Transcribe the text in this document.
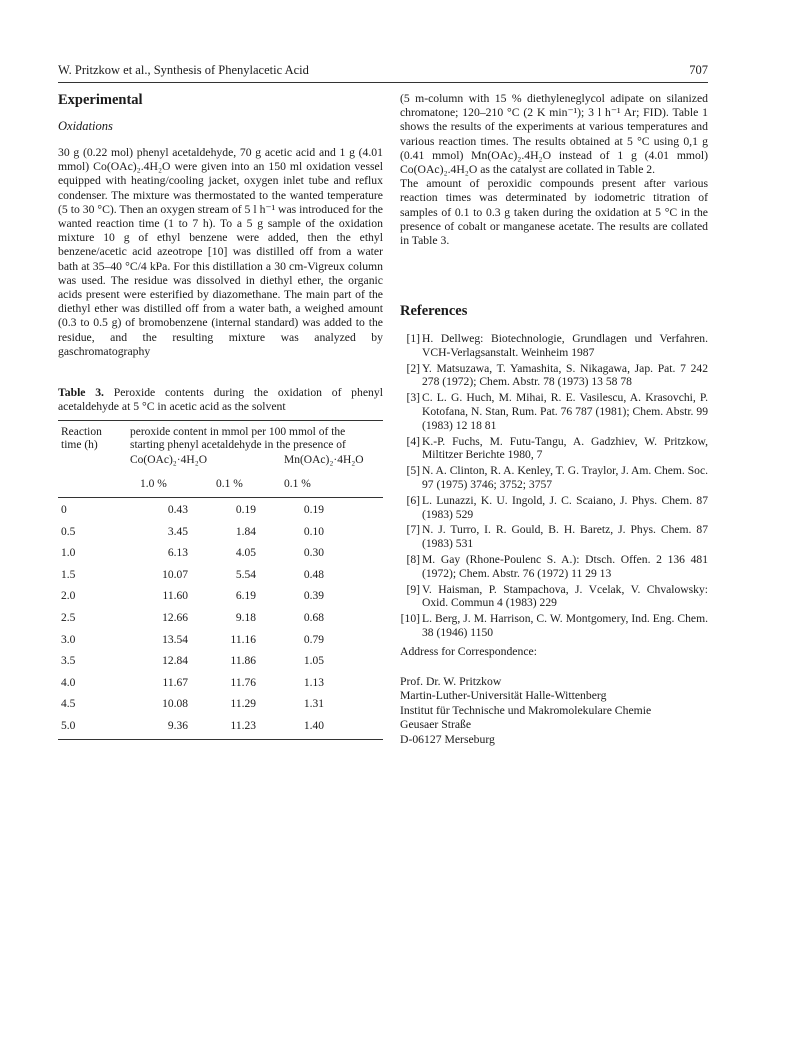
W. Pritzkow et al., Synthesis of Phenylacetic Acid	707
Experimental
Oxidations

30 g (0.22 mol) phenyl acetaldehyde, 70 g acetic acid and 1 g (4.01 mmol) Co(OAc)₂.4H₂O were given into an 150 ml oxidation vessel equipped with heating/cooling jacket, oxygen inlet tube and reflux condenser. The mixture was thermostated to the wanted temperature (5 to 30 °C). Then an oxygen stream of 5 l h⁻¹ was introduced for the wanted reaction time (1 to 7 h). To a 5 g sample of the oxidation mixture 10 g of ethyl benzene were added, then the ethyl benzene/acetic acid azeotrope [10] was distilled off from a water bath at 35–40 °C/4 kPa. For this distillation a 30 cm-Vigreux column was used. The residue was dissolved in diethyl ether, the organic acids present were esterified by diazomethane. The main part of the diethyl ether was distilled off from a water bath, a weighed amount (0.3 to 0.5 g) of bromobenzene (internal standard) was added to the residue, and the resulting mixture was analyzed by gaschromatography

Table 3. Peroxide contents during the oxidation of phenyl acetaldehyde at 5 °C in acetic acid as the solvent
Reaction
time (h)
peroxide content in mmol per 100 mmol of the
starting phenyl acetaldehyde in the presence of
Co(OAc)₂·4H₂O	Mn(OAc)₂·4H₂O
1.0 %	0.1 %	0.1 %
0	0.43	0.19	0.19
0.5	3.45	1.84	0.10
1.0	6.13	4.05	0.30
1.5	10.07	5.54	0.48
2.0	11.60	6.19	0.39
2.5	12.66	9.18	0.68
3.0	13.54	11.16	0.79
3.5	12.84	11.86	1.05
4.0	11.67	11.76	1.13
4.5	10.08	11.29	1.31
5.0	9.36	11.23	1.40

(5 m-column with 15 % diethyleneglycol adipate on silanized chromatone; 120–210 °C (2 K min⁻¹); 3 l h⁻¹ Ar; FID). Table 1 shows the results of the experiments at various temperatures and various reaction times. The results obtained at 5 °C using 0,1 g (0.41 mmol) Mn(OAc)₂.4H₂O instead of 1 g (4.01 mmol) Co(OAc)₂.4H₂O as the catalyst are collated in Table 2.

The amount of peroxidic compounds present after various reaction times was determinated by iodometric titration of samples of 0.1 to 0.3 g taken during the oxidation at 5 °C in the presence of cobalt or manganese acetate. The results are collated in Table 3.

References
[1] H. Dellweg: Biotechnologie, Grundlagen und Verfahren. VCH-Verlagsanstalt. Weinheim 1987
[2] Y. Matsuzawa, T. Yamashita, S. Nikagawa, Jap. Pat. 7 242 278 (1972); Chem. Abstr. 78 (1973) 13 58 78
[3] C. L. G. Huch, M. Mihai, R. E. Vasilescu, A. Krasovchi, P. Kotofana, N. Stan, Rum. Pat. 76 787 (1981); Chem. Abstr. 99 (1983) 12 18 81
[4] K.-P. Fuchs, M. Futu-Tangu, A. Gadzhiev, W. Pritzkow, Miltitzer Berichte 1980, 7
[5] N. A. Clinton, R. A. Kenley, T. G. Traylor, J. Am. Chem. Soc. 97 (1975) 3746; 3752; 3757
[6] L. Lunazzi, K. U. Ingold, J. C. Scaiano, J. Phys. Chem. 87 (1983) 529
[7] N. J. Turro, I. R. Gould, B. H. Baretz, J. Phys. Chem. 87 (1983) 531
[8] M. Gay (Rhone-Poulenc S. A.): Dtsch. Offen. 2 136 481 (1972); Chem. Abstr. 76 (1972) 11 29 13
[9] V. Haisman, P. Stampachova, J. Vcelak, V. Chvalowsky: Oxid. Commun 4 (1983) 229
[10] L. Berg, J. M. Harrison, C. W. Montgomery, Ind. Eng. Chem. 38 (1946) 1150
Address for Correspondence:
Prof. Dr. W. Pritzkow
Martin-Luther-Universität Halle-Wittenberg
Institut für Technische und Makromolekulare Chemie
Geusaer Straße
D-06127 Merseburg
